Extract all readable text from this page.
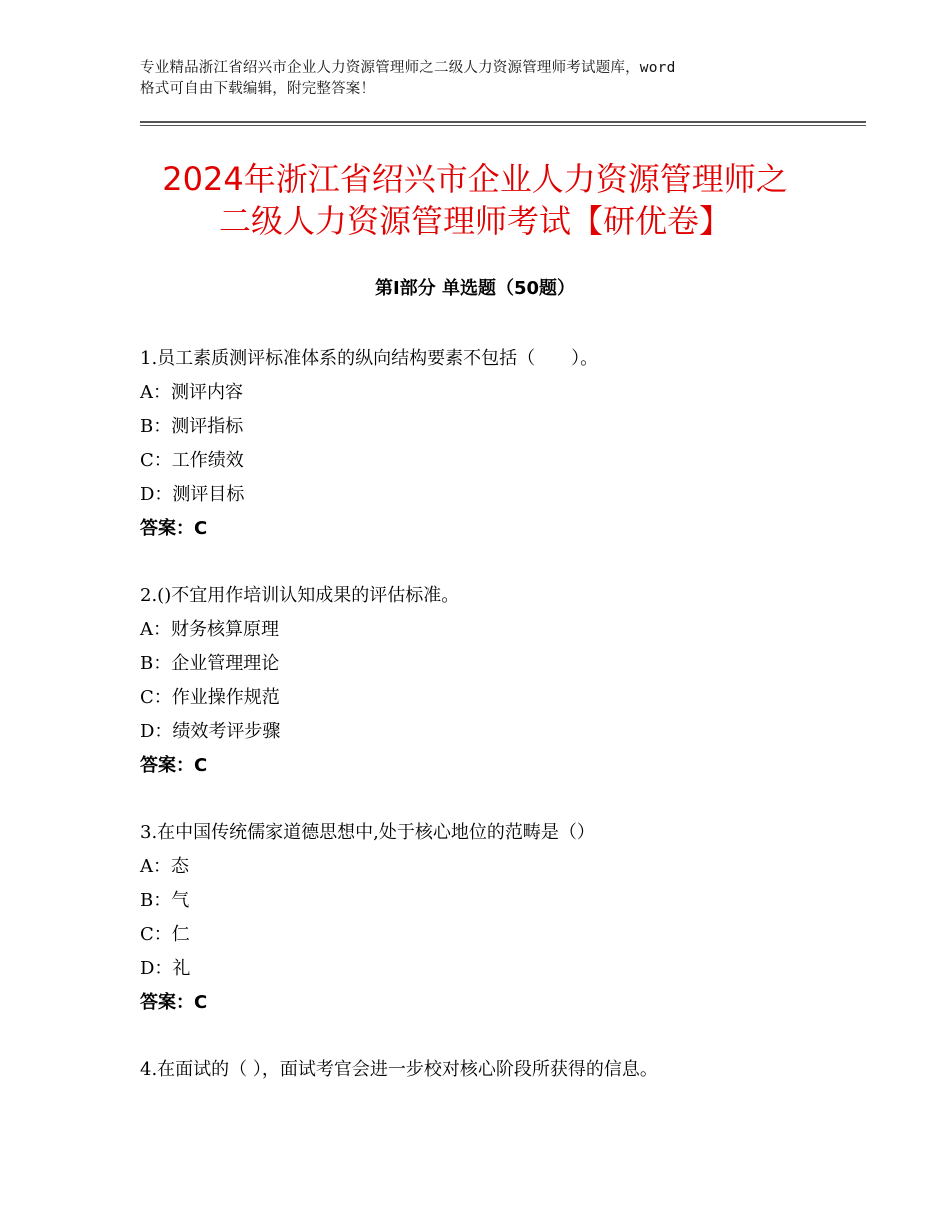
专业精品浙江省绍兴市企业人力资源管理师之二级人力资源管理师考试题库，word
格式可自由下载编辑，附完整答案！
2024年浙江省绍兴市企业人力资源管理师之
二级人力资源管理师考试【研优卷】
第Ⅰ部分 单选题（50题）
1.员工素质测评标准体系的纵向结构要素不包括（　　）。
A：测评内容
B：测评指标
C：工作绩效
D：测评目标
答案：C
2.()不宜用作培训认知成果的评估标准。
A：财务核算原理
B：企业管理理论
C：作业操作规范
D：绩效考评步骤
答案：C
3.在中国传统儒家道德思想中,处于核心地位的范畴是（）
A：态
B：气
C：仁
D：礼
答案：C
4.在面试的（ ），面试考官会进一步校对核心阶段所获得的信息。
